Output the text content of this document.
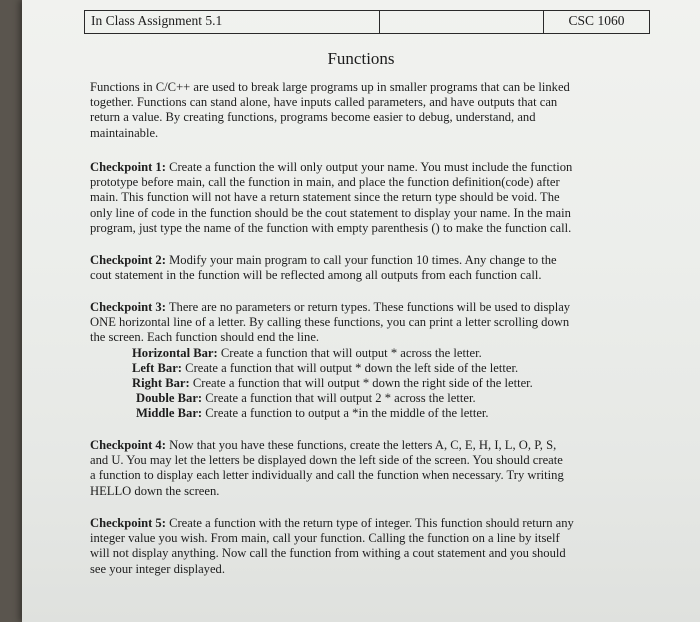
In Class Assignment 5.1	CSC 1060
Functions
Functions in C/C++ are used to break large programs up in smaller programs that can be linked
together. Functions can stand alone, have inputs called parameters, and have outputs that can
return a value. By creating functions, programs become easier to debug, understand, and
maintainable.
Checkpoint 1: Create a function the will only output your name. You must include the function
prototype before main, call the function in main, and place the function definition(code) after
main. This function will not have a return statement since the return type should be void. The
only line of code in the function should be the cout statement to display your name. In the main
program, just type the name of the function with empty parenthesis () to make the function call.
Checkpoint 2: Modify your main program to call your function 10 times. Any change to the
cout statement in the function will be reflected among all outputs from each function call.
Checkpoint 3: There are no parameters or return types. These functions will be used to display
ONE horizontal line of a letter. By calling these functions, you can print a letter scrolling down
the screen. Each function should end the line.
Horizontal Bar: Create a function that will output * across the letter.
Left Bar: Create a function that will output * down the left side of the letter.
Right Bar: Create a function that will output * down the right side of the letter.
Double Bar: Create a function that will output 2 * across the letter.
Middle Bar: Create a function to output a *in the middle of the letter.
Checkpoint 4: Now that you have these functions, create the letters A, C, E, H, I, L, O, P, S,
and U. You may let the letters be displayed down the left side of the screen. You should create
a function to display each letter individually and call the function when necessary. Try writing
HELLO down the screen.
Checkpoint 5: Create a function with the return type of integer. This function should return any
integer value you wish. From main, call your function. Calling the function on a line by itself
will not display anything. Now call the function from withing a cout statement and you should
see your integer displayed.
